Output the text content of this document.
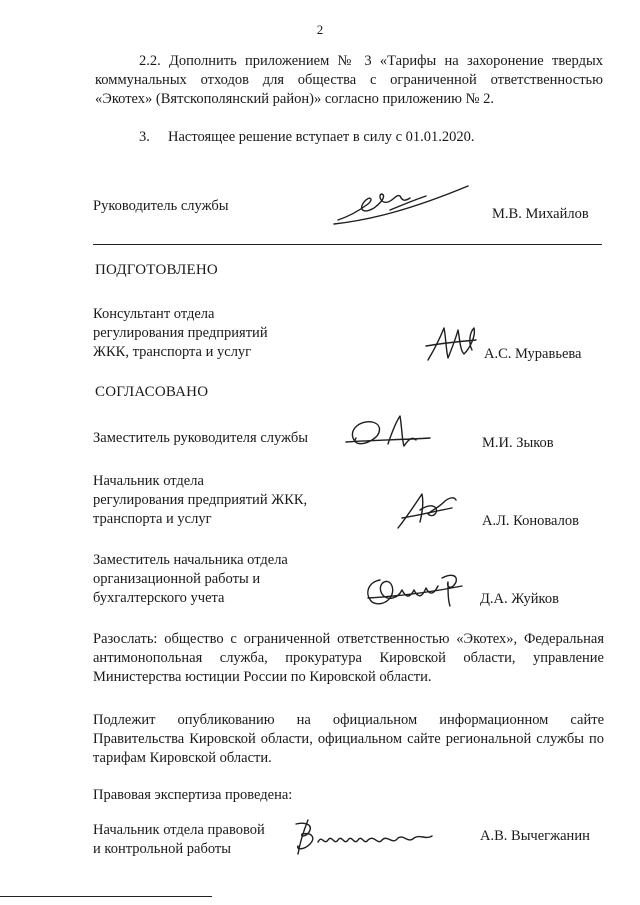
2
2.2. Дополнить приложением № 3 «Тарифы на захоронение твердых коммунальных отходов для общества с ограниченной ответственностью «Экотех» (Вятскополянский район)» согласно приложению № 2.
3.     Настоящее решение вступает в силу с 01.01.2020.
Руководитель службы	М.В. Михайлов
ПОДГОТОВЛЕНО
Консультант отдела
регулирования предприятий
ЖКК, транспорта и услуг	А.С. Муравьева
СОГЛАСОВАНО
Заместитель руководителя службы	М.И. Зыков
Начальник отдела
регулирования предприятий ЖКК,
транспорта и услуг	А.Л. Коновалов
Заместитель начальника отдела
организационной работы и
бухгалтерского учета	Д.А. Жуйков
Разослать: общество с ограниченной ответственностью «Экотех», Федеральная антимонопольная служба, прокуратура Кировской области, управление Министерства юстиции России по Кировской области.
Подлежит опубликованию на официальном информационном сайте Правительства Кировской области, официальном сайте региональной службы по тарифам Кировской области.
Правовая экспертиза проведена:
Начальник отдела правовой
и контрольной работы
А.В. Вычегжанин
